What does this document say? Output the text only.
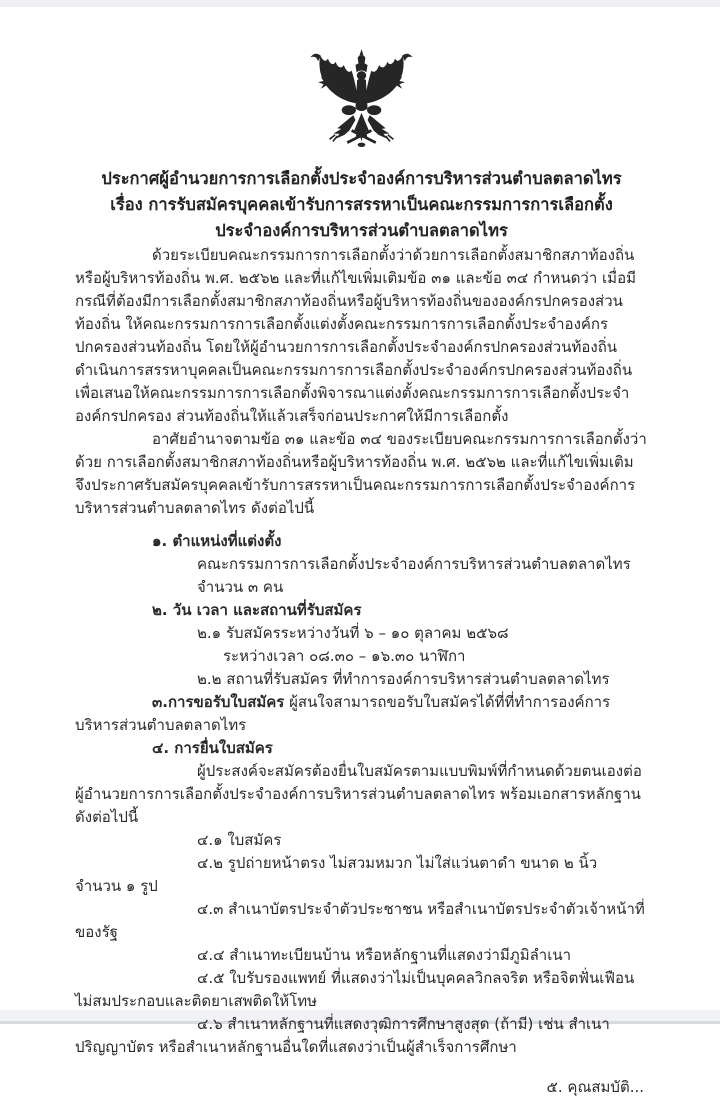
ประกาศผู้อำนวยการการเลือกตั้งประจำองค์การบริหารส่วนตำบลตลาดไทร
เรื่อง การรับสมัครบุคคลเข้ารับการสรรหาเป็นคณะกรรมการการเลือกตั้ง
ประจำองค์การบริหารส่วนตำบลตลาดไทร

ด้วยระเบียบคณะกรรมการการเลือกตั้งว่าด้วยการเลือกตั้งสมาชิกสภาท้องถิ่นหรือผู้บริหารท้องถิ่น พ.ศ. ๒๕๖๒ และที่แก้ไขเพิ่มเติมข้อ ๓๑ และข้อ ๓๔ กำหนดว่า เมื่อมีกรณีที่ต้องมีการเลือกตั้งสมาชิกสภาท้องถิ่นหรือผู้บริหารท้องถิ่นขององค์กรปกครองส่วนท้องถิ่น ให้คณะกรรมการการเลือกตั้งแต่งตั้งคณะกรรมการการเลือกตั้งประจำองค์กรปกครองส่วนท้องถิ่น โดยให้ผู้อำนวยการการเลือกตั้งประจำองค์กรปกครองส่วนท้องถิ่นดำเนินการสรรหาบุคคลเป็นคณะกรรมการการเลือกตั้งประจำองค์กรปกครองส่วนท้องถิ่น เพื่อเสนอให้คณะกรรมการการเลือกตั้งพิจารณาแต่งตั้งคณะกรรมการการเลือกตั้งประจำองค์กรปกครอง ส่วนท้องถิ่นให้แล้วเสร็จก่อนประกาศให้มีการเลือกตั้ง

อาศัยอำนาจตามข้อ ๓๑ และข้อ ๓๔ ของระเบียบคณะกรรมการการเลือกตั้งว่าด้วย การเลือกตั้งสมาชิกสภาท้องถิ่นหรือผู้บริหารท้องถิ่น พ.ศ. ๒๕๖๒ และที่แก้ไขเพิ่มเติม จึงประกาศรับสมัครบุคคลเข้ารับการสรรหาเป็นคณะกรรมการการเลือกตั้งประจำองค์การบริหารส่วนตำบลตลาดไทร ดังต่อไปนี้

๑. ตำแหน่งที่แต่งตั้ง
คณะกรรมการการเลือกตั้งประจำองค์การบริหารส่วนตำบลตลาดไทร
จำนวน ๓ คน
๒. วัน เวลา และสถานที่รับสมัคร
๒.๑ รับสมัครระหว่างวันที่ ๖ – ๑๐ ตุลาคม ๒๕๖๘
ระหว่างเวลา ๐๘.๓๐ – ๑๖.๓๐ นาฬิกา
๒.๒ สถานที่รับสมัคร ที่ทำการองค์การบริหารส่วนตำบลตลาดไทร

๓.การขอรับใบสมัคร ผู้สนใจสามารถขอรับใบสมัครได้ที่ที่ทำการองค์การบริหารส่วนตำบลตลาดไทร

๔. การยื่นใบสมัคร

ผู้ประสงค์จะสมัครต้องยื่นใบสมัครตามแบบพิมพ์ที่กำหนดด้วยตนเองต่อผู้อำนวยการการเลือกตั้งประจำองค์การบริหารส่วนตำบลตลาดไทร พร้อมเอกสารหลักฐาน ดังต่อไปนี้

๔.๑ ใบสมัคร
๔.๒ รูปถ่ายหน้าตรง ไม่สวมหมวก ไม่ใส่แว่นตาดำ ขนาด ๒ นิ้ว จำนวน ๑ รูป
๔.๓ สำเนาบัตรประจำตัวประชาชน หรือสำเนาบัตรประจำตัวเจ้าหน้าที่ของรัฐ
๔.๔ สำเนาทะเบียนบ้าน หรือหลักฐานที่แสดงว่ามีภูมิลำเนา
๔.๕ ใบรับรองแพทย์ ที่แสดงว่าไม่เป็นบุคคลวิกลจริต หรือจิตฟั่นเฟือนไม่สมประกอบและติดยาเสพติดให้โทษ
๔.๖ สำเนาหลักฐานที่แสดงวุฒิการศึกษาสูงสุด (ถ้ามี) เช่น สำเนาปริญญาบัตร หรือสำเนาหลักฐานอื่นใดที่แสดงว่าเป็นผู้สำเร็จการศึกษา
๕. คุณสมบัติ...
